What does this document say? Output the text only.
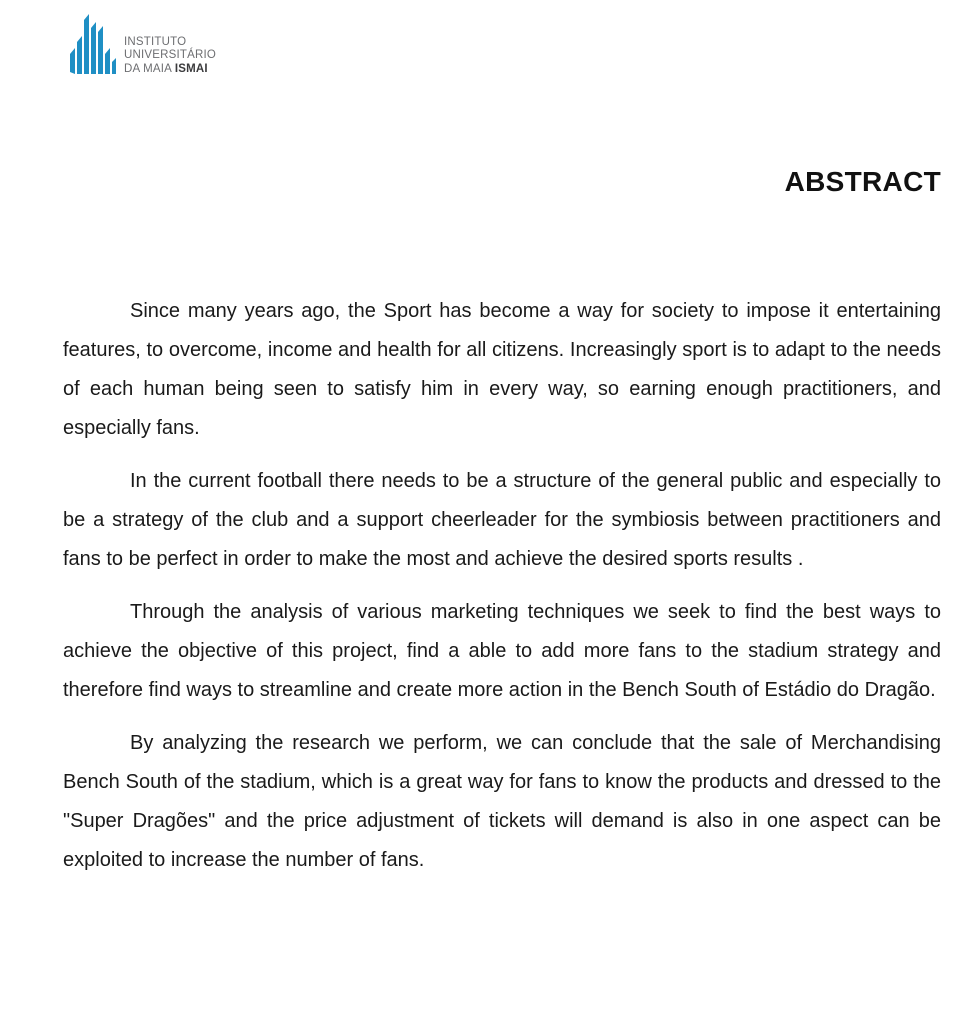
INSTITUTO
UNIVERSITÁRIO
DA MAIA ISMAI
ABSTRACT

Since many years ago, the Sport has become a way for society to impose it entertaining features, to overcome, income and health for all citizens. Increasingly sport is to adapt to the needs of each human being seen to satisfy him in every way, so earning enough practitioners, and especially fans.

In the current football there needs to be a structure of the general public and especially to be a strategy of the club and a support cheerleader for the symbiosis between practitioners and fans to be perfect in order to make the most and achieve the desired sports results .

Through the analysis of various marketing techniques we seek to find the best ways to achieve the objective of this project, find a able to add more fans to the stadium strategy and therefore find ways to streamline and create more action in the Bench South of Estádio do Dragão.

By analyzing the research we perform, we can conclude that the sale of Merchandising Bench South of the stadium, which is a great way for fans to know the products and dressed to the "Super Dragões" and the price adjustment of tickets will demand is also in one aspect can be exploited to increase the number of fans.
